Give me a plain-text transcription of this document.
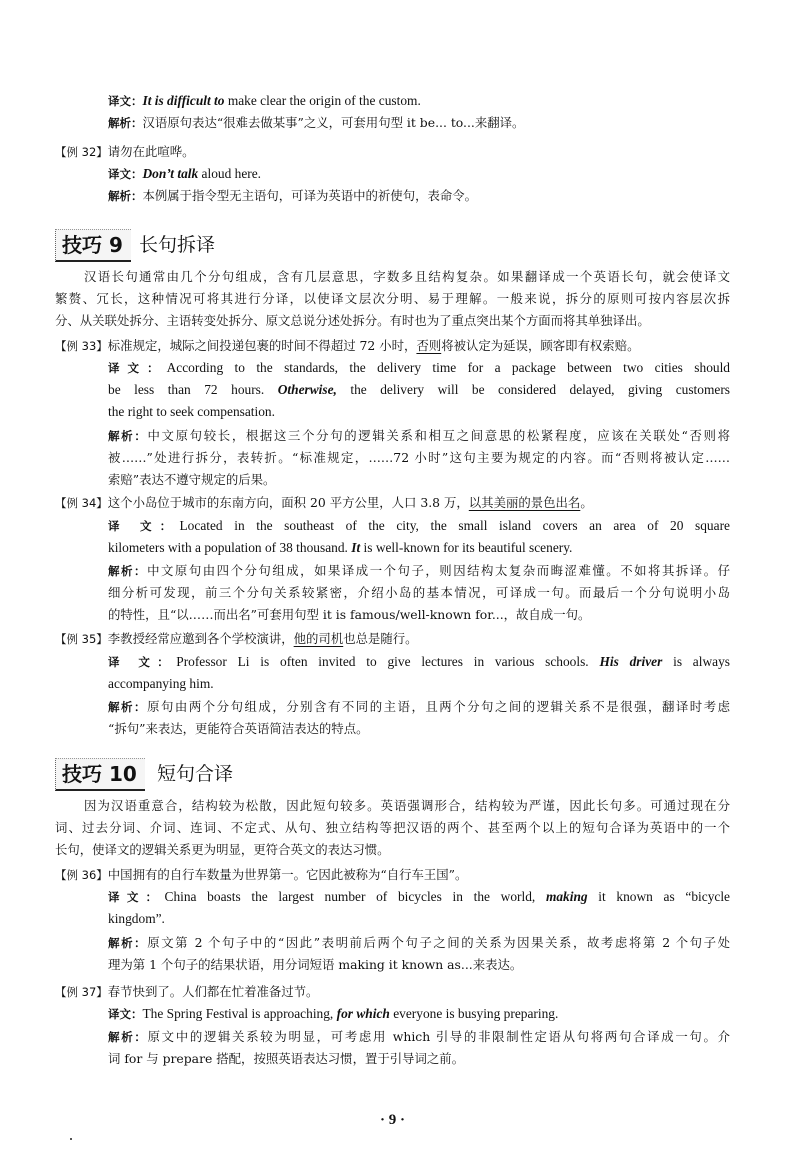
译文：It is difficult to make clear the origin of the custom.
解析：汉语原句表达“很难去做某事”之义，可套用句型 it be... to...来翻译。
【例 32】请勿在此喧哗。
译文：Don’t talk aloud here.
解析：本例属于指令型无主语句，可译为英语中的祈使句，表命令。
技巧 9 长句拆译
汉语长句通常由几个分句组成，含有几层意思，字数多且结构复杂。如果翻译成一个英语长句，就会使译文
繁赘、冗长，这种情况可将其进行分译，以使译文层次分明、易于理解。一般来说，拆分的原则可按内容层次拆
分、从关联处拆分、主语转变处拆分、原文总说分述处拆分。有时也为了重点突出某个方面而将其单独译出。
【例 33】标准规定，城际之间投递包裹的时间不得超过 72 小时，否则将被认定为延误，顾客即有权索赔。
译文：According to the standards, the delivery time for a package between two cities should
be less than 72 hours. Otherwise, the delivery will be considered delayed, giving customers
the right to seek compensation.
解析：中文原句较长，根据这三个分句的逻辑关系和相互之间意思的松紧程度，应该在关联处“否则将
被……”处进行拆分，表转折。“标准规定，……72 小时”这句主要为规定的内容。而“否则将被认定……
索赔”表达不遵守规定的后果。
【例 34】这个小岛位于城市的东南方向，面积 20 平方公里，人口 3.8 万，以其美丽的景色出名。
译 文：Located in the southeast of the city, the small island covers an area of 20 square
kilometers with a population of 38 thousand. It is well-known for its beautiful scenery.
解析：中文原句由四个分句组成，如果译成一个句子，则因结构太复杂而晦涩难懂。不如将其拆译。仔
细分析可发现，前三个分句关系较紧密，介绍小岛的基本情况，可译成一句。而最后一个分句说明小岛
的特性，且“以……而出名”可套用句型 it is famous/well-known for...，故自成一句。
【例 35】李教授经常应邀到各个学校演讲，他的司机也总是随行。
译 文：Professor Li is often invited to give lectures in various schools. His driver is always
accompanying him.
解析：原句由两个分句组成，分别含有不同的主语，且两个分句之间的逻辑关系不是很强，翻译时考虑
“拆句”来表达，更能符合英语简洁表达的特点。
技巧 10	短句合译
因为汉语重意合，结构较为松散，因此短句较多。英语强调形合，结构较为严谨，因此长句多。可通过现在分
词、过去分词、介词、连词、不定式、从句、独立结构等把汉语的两个、甚至两个以上的短句合译为英语中的一个
长句，使译文的逻辑关系更为明显，更符合英文的表达习惯。
【例 36】中国拥有的自行车数量为世界第一。它因此被称为“自行车王国”。
译文：China boasts the largest number of bicycles in the world, making it known as “bicycle
kingdom”.
解析：原文第 2 个句子中的“因此”表明前后两个句子之间的关系为因果关系，故考虑将第 2 个句子处
理为第 1 个句子的结果状语，用分词短语 making it known as...来表达。
【例 37】春节快到了。人们都在忙着准备过节。
译文：The Spring Festival is approaching, for which everyone is busying preparing.
解析：原文中的逻辑关系较为明显，可考虑用 which 引导的非限制性定语从句将两句合译成一句。介
词 for 与 prepare 搭配，按照英语表达习惯，置于引导词之前。
· 9 ·
